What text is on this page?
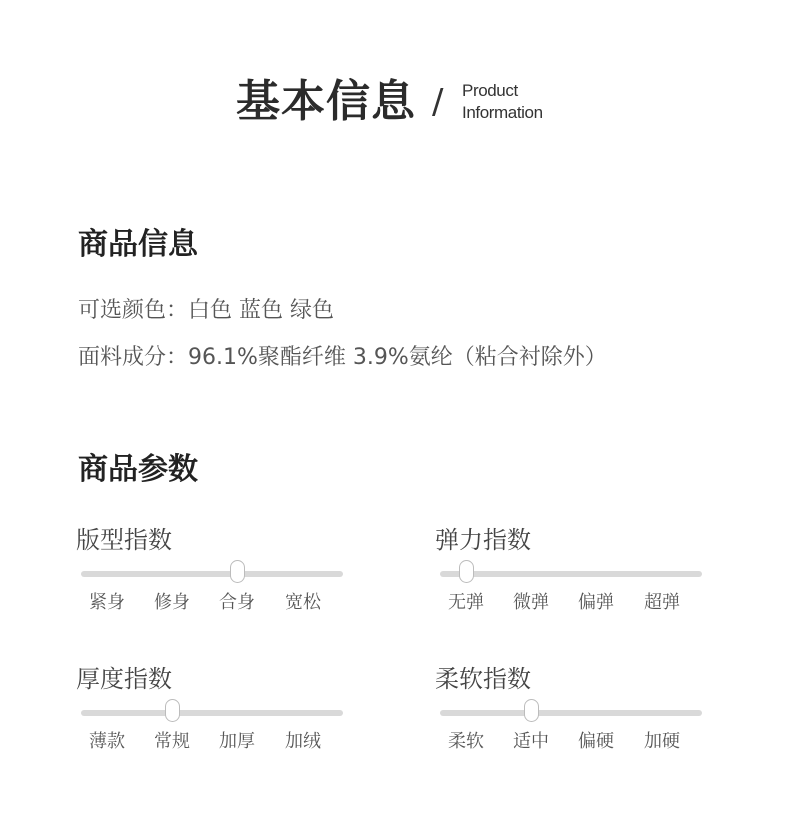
基本信息 / Product
Information
商品信息
可选颜色：白色 蓝色 绿色
面料成分：96.1%聚酯纤维 3.9%氨纶（粘合衬除外）
商品参数
版型指数
紧身	修身	合身	宽松
弹力指数
无弹	微弹	偏弹	超弹
厚度指数
薄款	常规	加厚	加绒
柔软指数
柔软	适中	偏硬	加硬
